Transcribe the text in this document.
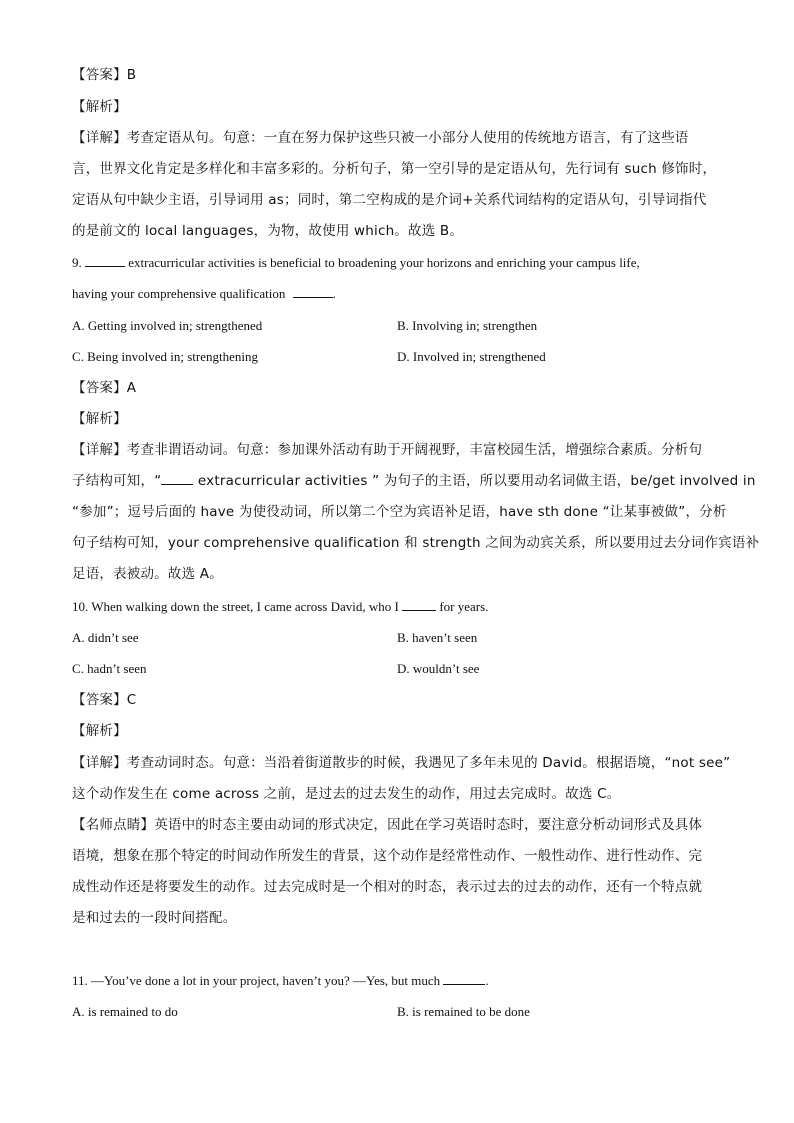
【答案】B
【解析】
【详解】考查定语从句。句意：一直在努力保护这些只被一小部分人使用的传统地方语言，有了这些语
言，世界文化肯定是多样化和丰富多彩的。分析句子，第一空引导的是定语从句，先行词有 such 修饰时，
定语从句中缺少主语，引导词用 as；同时，第二空构成的是介词+关系代词结构的定语从句，引导词指代
的是前文的 local languages，为物，故使用 which。故选 B。
9.	extracurricular activities is beneficial to broadening your horizons and enriching your campus life,
having your comprehensive qualification	.
A. Getting involved in; strengthened	B. Involving in; strengthen
C. Being involved in; strengthening	D. Involved in; strengthened
【答案】A
【解析】
【详解】考查非谓语动词。句意：参加课外活动有助于开阔视野，丰富校园生活，增强综合素质。分析句
子结构可知，“	extracurricular activities ” 为句子的主语，所以要用动名词做主语，be/get involved in
“参加”；逗号后面的 have 为使役动词，所以第二个空为宾语补足语，have sth done “让某事被做”，分析
句子结构可知，your comprehensive qualification 和 strength 之间为动宾关系，所以要用过去分词作宾语补
足语，表被动。故选 A。
10. When walking down the street, I came across David, who I	for years.
A. didn’t see	B. haven’t seen
C. hadn’t seen	D. wouldn’t see
【答案】C
【解析】
【详解】考查动词时态。句意：当沿着街道散步的时候，我遇见了多年未见的 David。根据语境，“not see”
这个动作发生在 come across 之前，是过去的过去发生的动作，用过去完成时。故选 C。
【名师点睛】英语中的时态主要由动词的形式决定，因此在学习英语时态时，要注意分析动词形式及具体
语境，想象在那个特定的时间动作所发生的背景，这个动作是经常性动作、一般性动作、进行性动作、完
成性动作还是将要发生的动作。过去完成时是一个相对的时态，表示过去的过去的动作，还有一个特点就
是和过去的一段时间搭配。
11. —You’ve done a lot in your project, haven’t you? —Yes, but much	.
A. is remained to do	B. is remained to be done
